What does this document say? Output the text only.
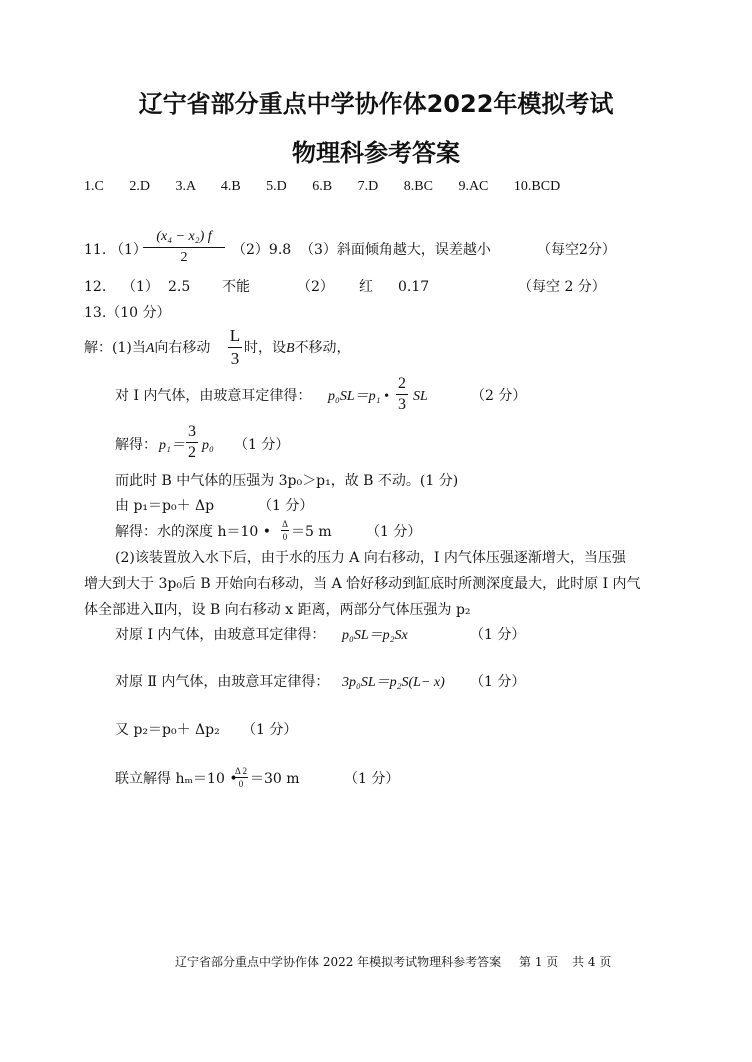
辽宁省部分重点中学协作体2022年模拟考试
物理科参考答案
1.C 2.D 3.A 4.B 5.D 6.B 7.D 8.BC 9.AC 10.BCD
11. （1）
$\frac{\text{(x₄ − x₂) f}}{2} (2)9.8$ （3）斜面倾角越大，误差越小	（每空2分）
12. （1） 2.5 不能	（2） 红 0.17	（每空 2 分）
13.（10 分）
解：(1)当A向右移动 $\frac{L}{3}$ 时，设B不移动，
对 Ⅰ 内气体，由玻意耳定律得： p₀SL＝p₁ • $\frac{2}{3}$ SL	（2 分）
解得： $p_1= \frac{3}{2} p_0$ （1 分）
而此时 B 中气体的压强为 3p₀＞p₁，故 B 不动。(1 分)
由 p₁＝p₀＋ Δp	（1 分）
解得：水的深度 h＝10 • $\frac{\Delta}{0} =5$ m （1 分）
(2)该装置放入水下后，由于水的压力 A 向右移动，Ⅰ 内气体压强逐渐增大，当压强
增大到大于 3p₀后 B 开始向右移动，当 A 恰好移动到缸底时所测深度最大，此时原 Ⅰ 内气
体全部进入Ⅱ内，设 B 向右移动 x 距离，两部分气体压强为 p₂
对原 Ⅰ 内气体，由玻意耳定律得： p₀SL＝p₂Sx	（1 分）
对原 Ⅱ 内气体，由玻意耳定律得： 3p₀SL＝p₂S(L− x) （1 分）
又 p₂＝p₀＋ Δp₂ （1 分）
联立解得 hₘ＝10 •
$\frac{\Delta 2}{0} =30$ m	（1 分）
辽宁省部分重点中学协作体 2022 年模拟考试物理科参考答案 第 1 页 共 4 页
